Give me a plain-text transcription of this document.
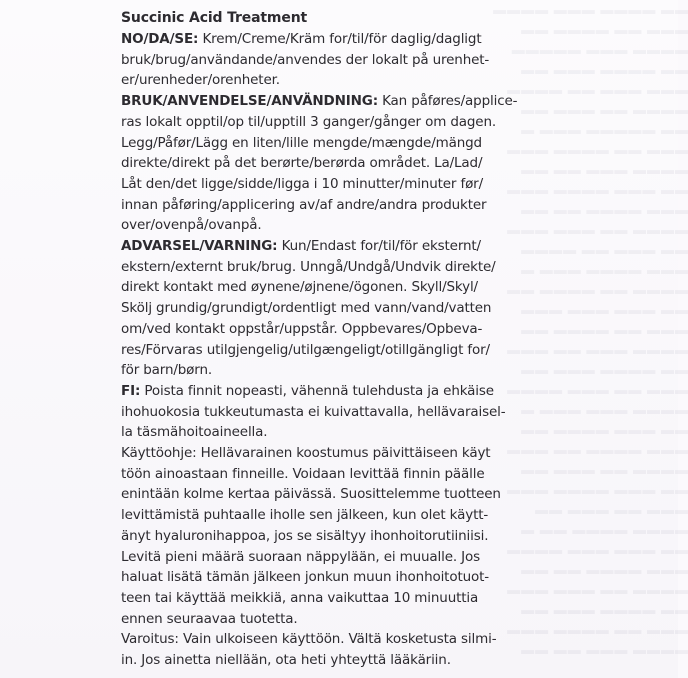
▬▬ ▬▬▬▬ ▬▬▬ ▬▬▬▬
▬▬▬ ▬▬ ▬▬▬▬ ▬▬
▬▬▬▬ ▬▬▬ ▬▬▬▬▬
▬▬ ▬▬▬▬ ▬▬▬ ▬▬
▬▬▬ ▬▬▬ ▬▬ ▬▬▬▬
▬▬▬▬ ▬▬ ▬▬▬ ▬▬
▬▬ ▬▬▬▬▬ ▬▬▬ ▬
▬▬▬ ▬▬ ▬▬▬▬ ▬▬▬
▬▬▬▬ ▬▬▬ ▬▬ ▬▬
▬▬ ▬▬▬ ▬▬▬▬ ▬▬▬
▬▬▬ ▬▬▬▬ ▬▬ ▬▬
▬▬▬▬ ▬▬ ▬▬▬ ▬▬▬
▬▬ ▬▬▬ ▬▬ ▬▬▬▬
▬▬▬ ▬▬▬▬ ▬▬▬ ▬
▬▬▬▬ ▬▬ ▬▬▬▬ ▬▬
▬▬ ▬▬▬ ▬▬▬ ▬▬▬
▬▬▬ ▬▬ ▬▬▬▬ ▬▬
▬▬▬▬ ▬▬▬ ▬▬ ▬▬▬
▬▬ ▬▬▬▬ ▬▬▬ ▬▬
▬▬▬ ▬▬ ▬▬▬ ▬▬▬▬
▬▬▬▬ ▬▬▬ ▬▬▬ ▬
▬▬ ▬▬▬ ▬▬▬▬ ▬▬
▬▬▬ ▬▬▬▬ ▬▬ ▬▬▬
▬▬▬▬ ▬▬ ▬▬▬ ▬▬
▬▬ ▬▬▬ ▬▬▬▬ ▬▬▬
▬▬▬ ▬▬ ▬▬▬ ▬▬
▬▬▬▬ ▬▬▬▬ ▬▬ ▬
▬▬ ▬▬▬ ▬▬▬ ▬▬▬▬
▬▬▬ ▬▬▬▬ ▬▬ ▬▬
▬▬▬▬ ▬▬ ▬▬▬ ▬▬▬
▬▬ ▬▬▬▬ ▬▬▬ ▬▬
▬▬▬ ▬▬ ▬▬▬▬ ▬▬▬
▬▬▬▬ ▬▬▬ ▬▬ ▬▬
Succinic Acid Treatment
NO/DA/SE: Krem/Creme/Kräm for/til/för daglig/dagligt
bruk/brug/användande/anvendes der lokalt på urenhet-
er/urenheder/orenheter.
BRUK/ANVENDELSE/ANVÄNDNING: Kan påføres/applice-
ras lokalt opptil/op til/upptill 3 ganger/gånger om dagen.
Legg/Påfør/Lägg en liten/lille mengde/mængde/mängd
direkte/direkt på det berørte/berørda området. La/Lad/
Låt den/det ligge/sidde/ligga i 10 minutter/minuter før/
innan påføring/applicering av/af andre/andra produkter
over/ovenpå/ovanpå.
ADVARSEL/VARNING: Kun/Endast for/til/för eksternt/
ekstern/externt bruk/brug. Unngå/Undgå/Undvik direkte/
direkt kontakt med øynene/øjnene/ögonen. Skyll/Skyl/
Skölj grundig/grundigt/ordentligt med vann/vand/vatten
om/ved kontakt oppstår/uppstår. Oppbevares/Opbeva-
res/Förvaras utilgjengelig/utilgængeligt/otillgängligt for/
för barn/børn.
FI: Poista finnit nopeasti, vähennä tulehdusta ja ehkäise
ihohuokosia tukkeutumasta ei kuivattavalla, hellävaraisel-
la täsmähoitoaineella.
Käyttöohje: Hellävarainen koostumus päivittäiseen käyt
töön ainoastaan finneille. Voidaan levittää finnin päälle
enintään kolme kertaa päivässä. Suosittelemme tuotteen
levittämistä puhtaalle iholle sen jälkeen, kun olet käytt-
änyt hyaluronihappoa, jos se sisältyy ihonhoitorutiiniisi.
Levitä pieni määrä suoraan näppylään, ei muualle. Jos
haluat lisätä tämän jälkeen jonkun muun ihonhoitotuot-
teen tai käyttää meikkiä, anna vaikuttaa 10 minuuttia
ennen seuraavaa tuotetta.
Varoitus: Vain ulkoiseen käyttöön. Vältä kosketusta silmi-
in. Jos ainetta niellään, ota heti yhteyttä lääkäriin.
